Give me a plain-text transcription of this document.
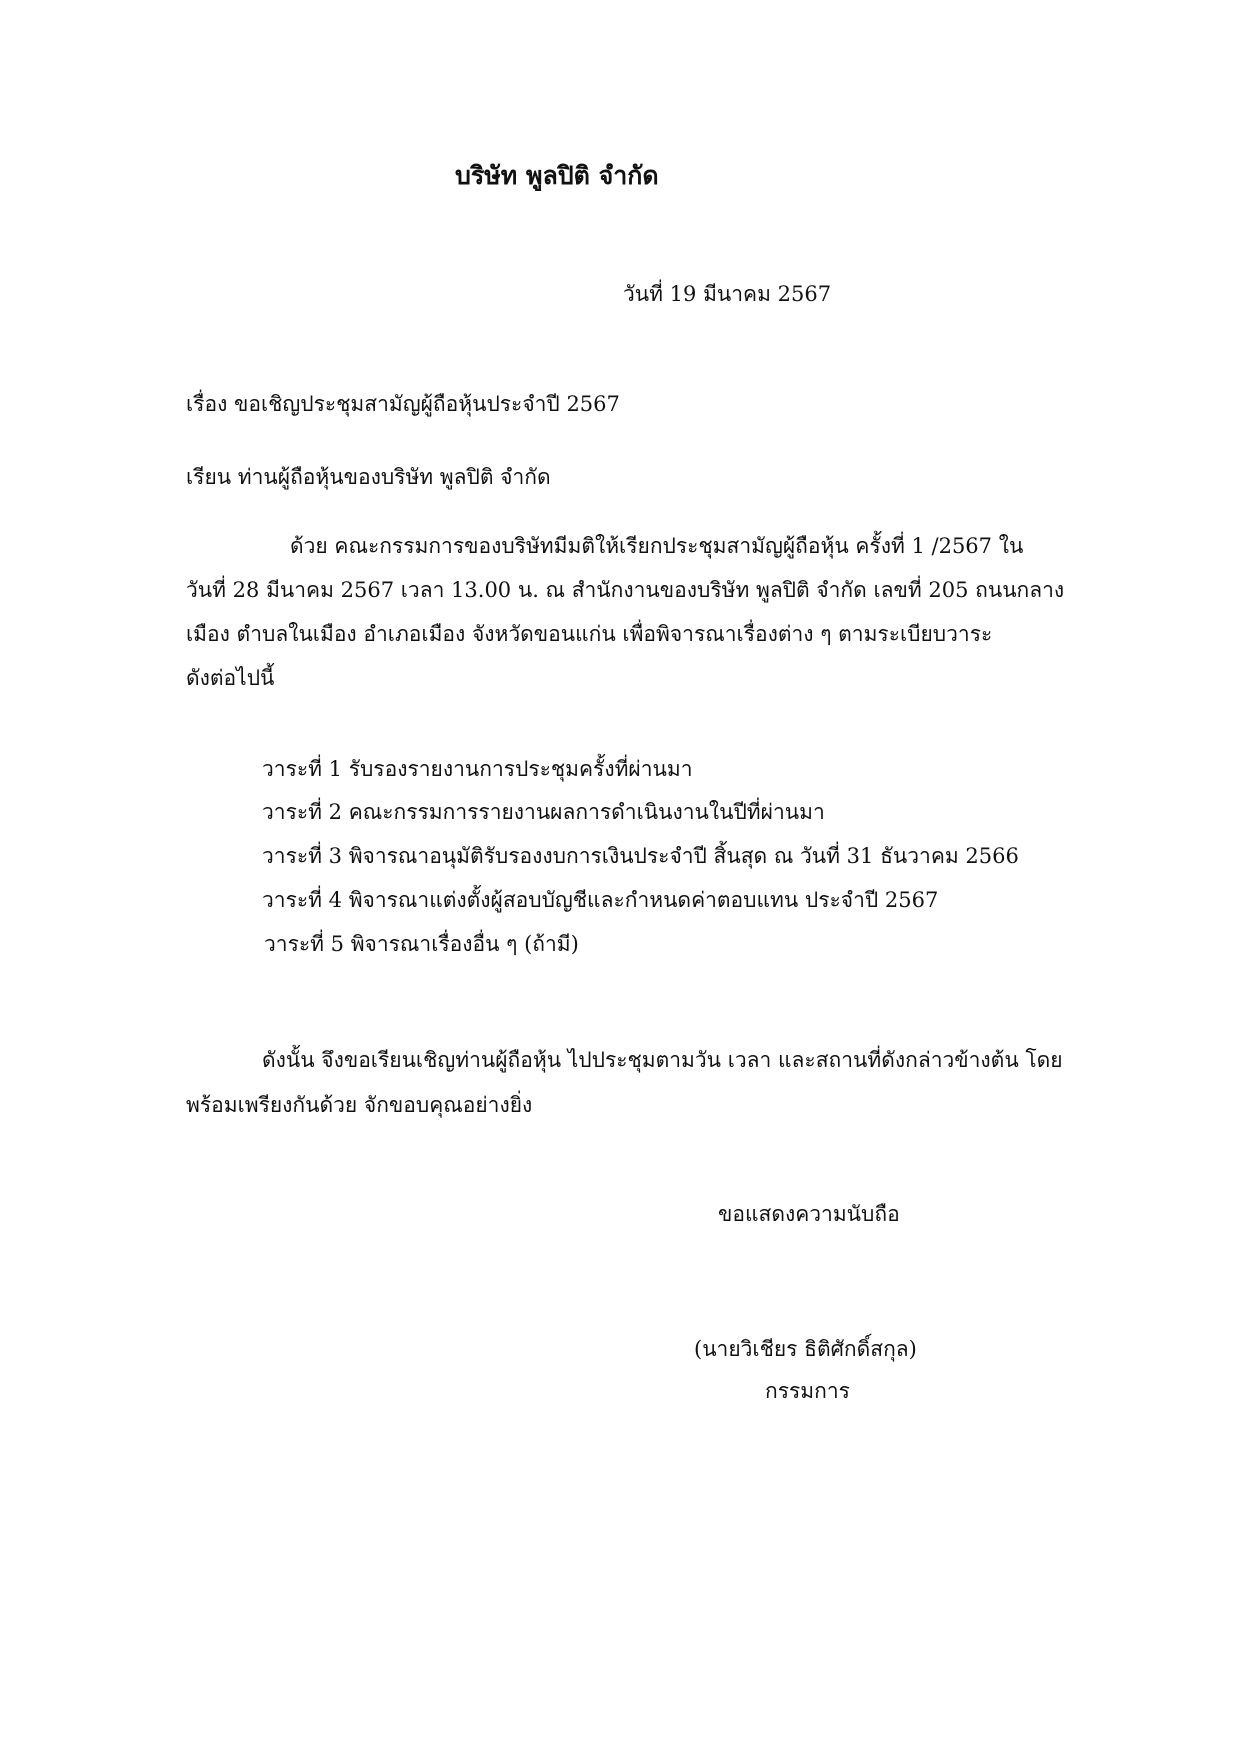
บริษัท พูลปิติ จำกัด
วันที่ 19 มีนาคม 2567
เรื่อง ขอเชิญประชุมสามัญผู้ถือหุ้นประจำปี 2567
เรียน ท่านผู้ถือหุ้นของบริษัท พูลปิติ จำกัด
ด้วย คณะกรรมการของบริษัทมีมติให้เรียกประชุมสามัญผู้ถือหุ้น ครั้งที่ 1 /2567 ใน
วันที่ 28 มีนาคม 2567 เวลา 13.00 น. ณ สำนักงานของบริษัท พูลปิติ จำกัด เลขที่ 205 ถนนกลาง
เมือง ตำบลในเมือง อำเภอเมือง จังหวัดขอนแก่น เพื่อพิจารณาเรื่องต่าง ๆ ตามระเบียบวาระ
ดังต่อไปนี้
วาระที่ 1 รับรองรายงานการประชุมครั้งที่ผ่านมา
วาระที่ 2 คณะกรรมการรายงานผลการดำเนินงานในปีที่ผ่านมา
วาระที่ 3 พิจารณาอนุมัติรับรองงบการเงินประจำปี สิ้นสุด ณ วันที่ 31 ธันวาคม 2566
วาระที่ 4 พิจารณาแต่งตั้งผู้สอบบัญชีและกำหนดค่าตอบแทน ประจำปี 2567
วาระที่ 5 พิจารณาเรื่องอื่น ๆ (ถ้ามี)
ดังนั้น จึงขอเรียนเชิญท่านผู้ถือหุ้น ไปประชุมตามวัน เวลา และสถานที่ดังกล่าวข้างต้น โดย
พร้อมเพรียงกันด้วย จักขอบคุณอย่างยิ่ง
ขอแสดงความนับถือ
(นายวิเชียร ธิติศักดิ์สกุล)
กรรมการ
